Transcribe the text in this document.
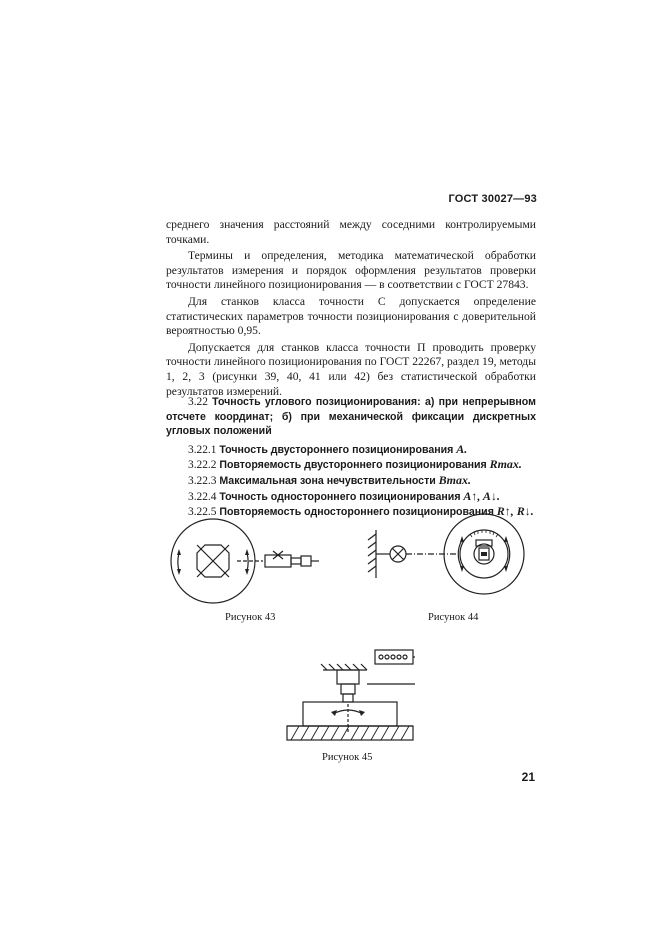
ГОСТ 30027—93

среднего значения расстояний между соседними контролируемыми точками.

Термины и определения, методика математической обработки результатов измерения и порядок оформления результатов проверки точности линейного позиционирования — в соответствии с ГОСТ 27843.

Для станков класса точности С допускается определение статистических параметров точности позиционирования с доверительной вероятностью 0,95.

Допускается для станков класса точности П проводить проверку точности линейного позиционирования по ГОСТ 22267, раздел 19, методы 1, 2, 3 (рисунки 39, 40, 41 или 42) без статистической обработки результатов измерений.

3.22 Точность углового позиционирования: а) при непрерывном отсчете координат; б) при механической фиксации дискретных угловых положений

3.22.1 Точность двустороннего позиционирования A.

3.22.2 Повторяемость двустороннего позиционирования Rmax.

3.22.3 Максимальная зона нечувствительности Bmax.

3.22.4 Точность одностороннего позиционирования A↑, A↓.

3.22.5 Повторяемость одностороннего позиционирования R↑, R↓.

Рисунок 43	Рисунок 44
Рисунок 45
21
